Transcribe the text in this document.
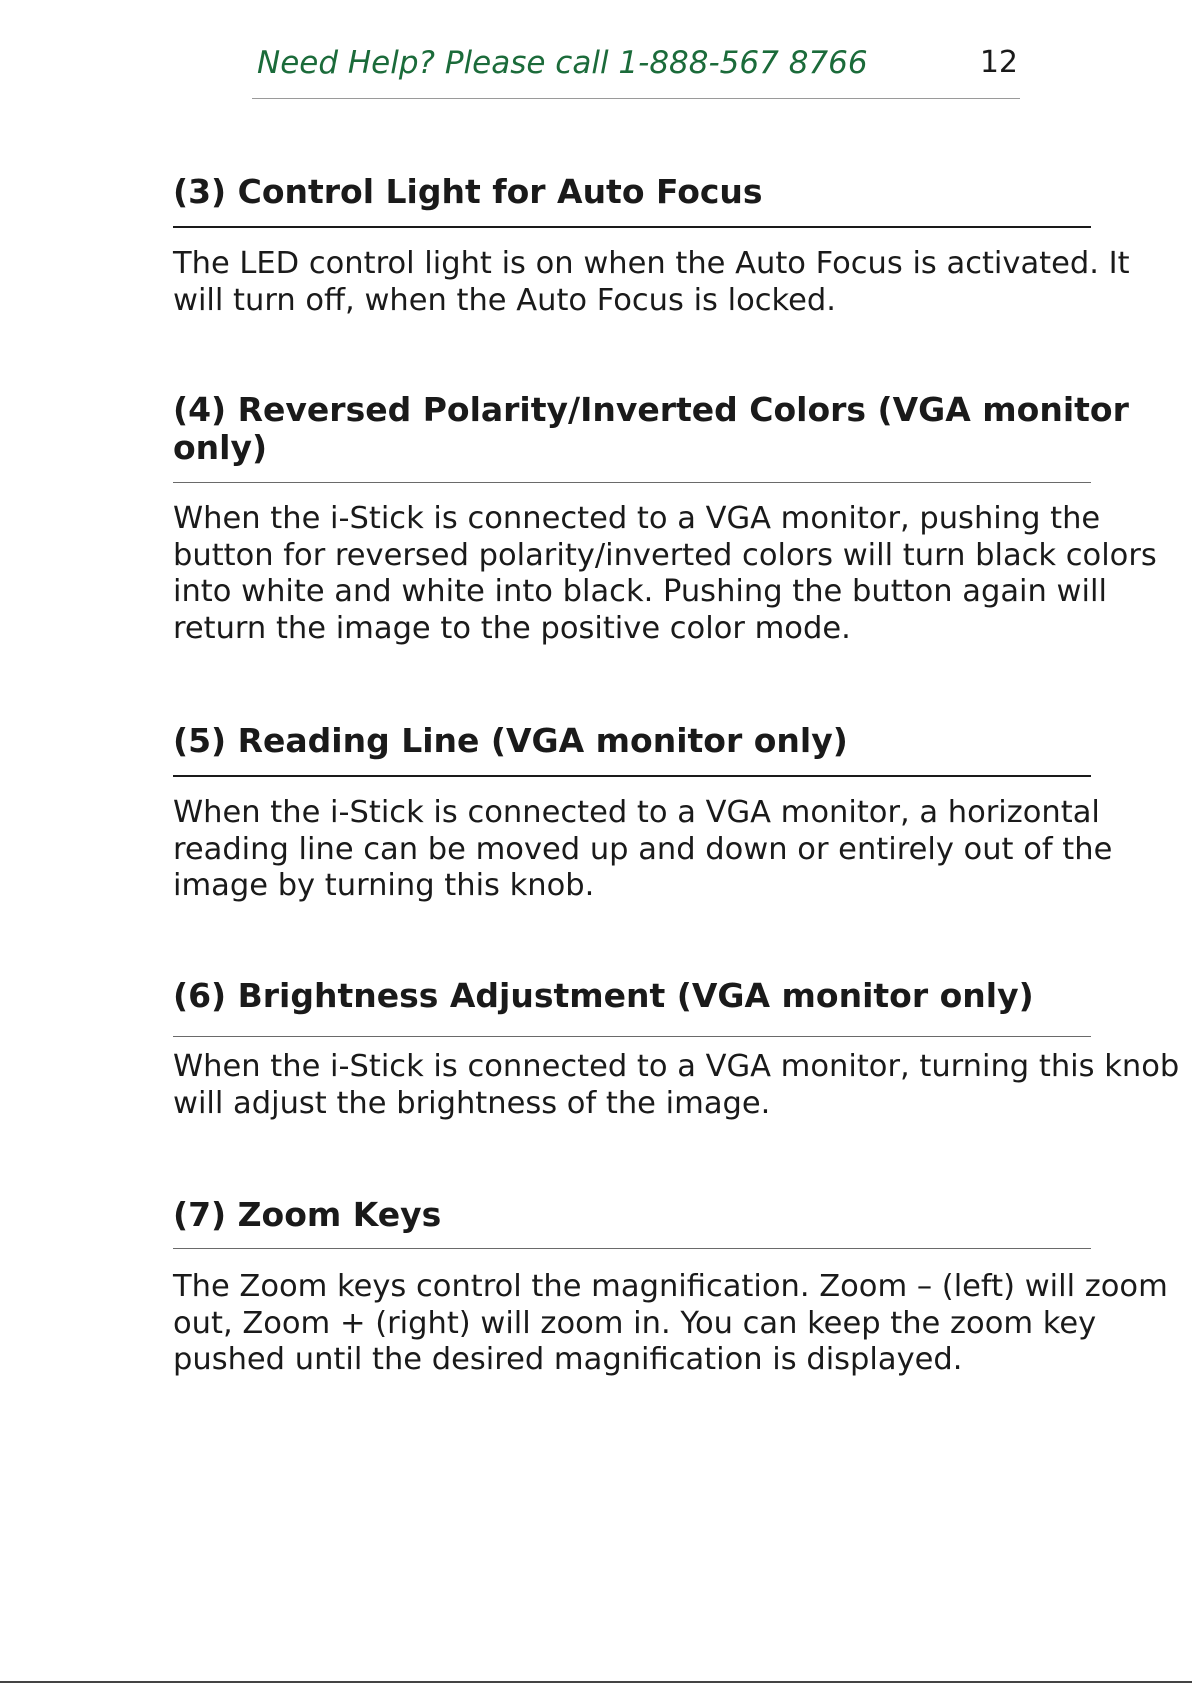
Need Help? Please call 1-888-567 8766	12
(3) Control Light for Auto Focus

The LED control light is on when the Auto Focus is activated. It will turn off, when the Auto Focus is locked.

(4) Reversed Polarity/Inverted Colors (VGA monitor only)

When the i-Stick is connected to a VGA monitor, pushing the button for reversed polarity/inverted colors will turn black colors into white and white into black. Pushing the button again will return the image to the positive color mode.

(5) Reading Line (VGA monitor only)

When the i-Stick is connected to a VGA monitor, a horizontal reading line can be moved up and down or entirely out of the image by turning this knob.

(6) Brightness Adjustment (VGA monitor only)

When the i-Stick is connected to a VGA monitor, turning this knob will adjust the brightness of the image.

(7) Zoom Keys

The Zoom keys control the magnification. Zoom – (left) will zoom out, Zoom + (right) will zoom in. You can keep the zoom key pushed until the desired magnification is displayed.
